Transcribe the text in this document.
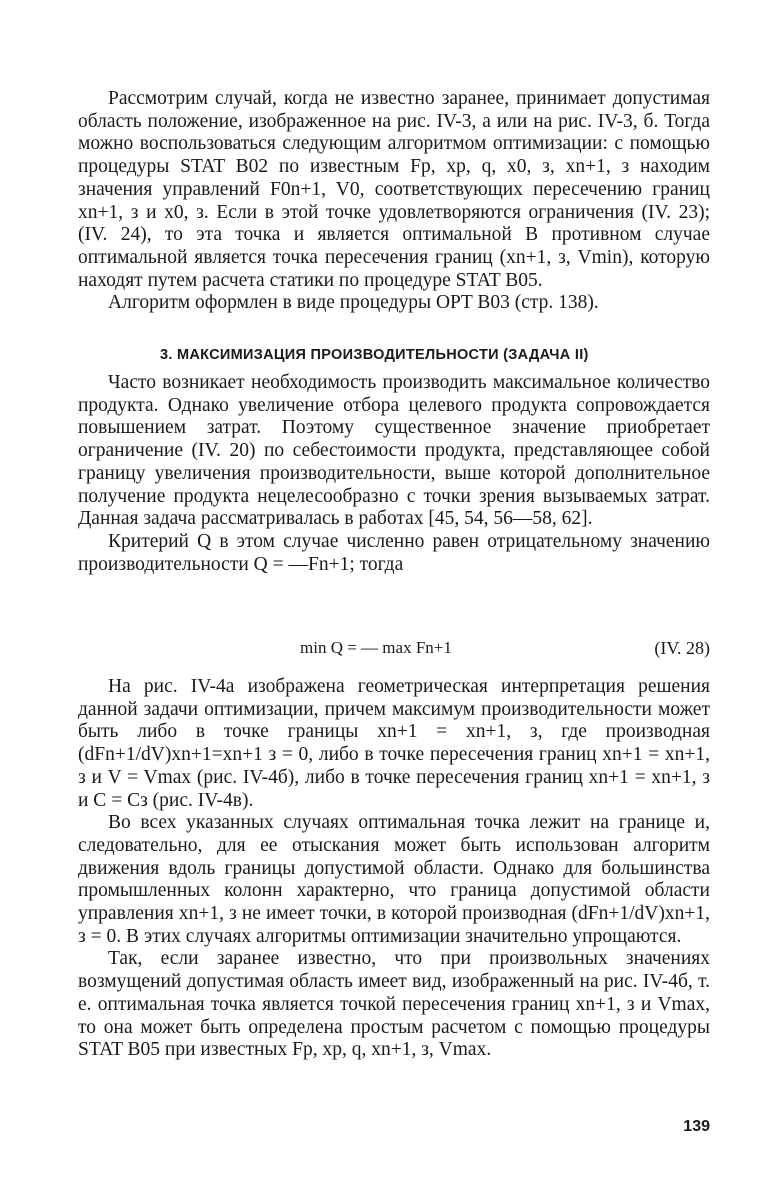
Рассмотрим случай, когда не известно заранее, принимает допустимая область положение, изображенное на рис. IV-3, а или на рис. IV-3, б. Тогда можно воспользоваться следующим алгоритмом оптимизации: с помощью процедуры STAT B02 по известным Fp, xp, q, x0, з, xn+1, з находим значения управлений F0n+1, V0, соответствующих пересечению границ xn+1, з и x0, з. Если в этой точке удовлетворяются ограничения (IV. 23); (IV. 24), то эта точка и является оптимальной В противном случае оптимальной является точка пересечения границ (xn+1, з, Vmin), которую находят путем расчета статики по процедуре STAT B05.

Алгоритм оформлен в виде процедуры OPT B03 (стр. 138).

3. МАКСИМИЗАЦИЯ ПРОИЗВОДИТЕЛЬНОСТИ (ЗАДАЧА II)

Часто возникает необходимость производить максимальное количество продукта. Однако увеличение отбора целевого продукта сопровождается повышением затрат. Поэтому существенное значение приобретает ограничение (IV. 20) по себестоимости продукта, представляющее собой границу увеличения производительности, выше которой дополнительное получение продукта нецелесообразно с точки зрения вызываемых затрат. Данная задача рассматривалась в работах [45, 54, 56—58, 62].

Критерий Q в этом случае численно равен отрицательному значению производительности Q = —Fn+1; тогда

min Q = — max Fn+1	(IV. 28)

На рис. IV-4а изображена геометрическая интерпретация решения данной задачи оптимизации, причем максимум производительности может быть либо в точке границы xn+1 = xn+1, з, где производная (dFn+1/dV)xn+1=xn+1 з = 0, либо в точке пересечения границ xn+1 = xn+1, з и V = Vmax (рис. IV-4б), либо в точке пересечения границ xn+1 = xn+1, з и C = Cз (рис. IV-4в).

Во всех указанных случаях оптимальная точка лежит на границе и, следовательно, для ее отыскания может быть использован алгоритм движения вдоль границы допустимой области. Однако для большинства промышленных колонн характерно, что граница допустимой области управления xn+1, з не имеет точки, в которой производная (dFn+1/dV)xn+1, з = 0. В этих случаях алгоритмы оптимизации значительно упрощаются.

Так, если заранее известно, что при произвольных значениях возмущений допустимая область имеет вид, изображенный на рис. IV-4б, т. е. оптимальная точка является точкой пересечения границ xn+1, з и Vmax, то она может быть определена простым расчетом с помощью процедуры STAT B05 при известных Fp, xp, q, xn+1, з, Vmax.

139
